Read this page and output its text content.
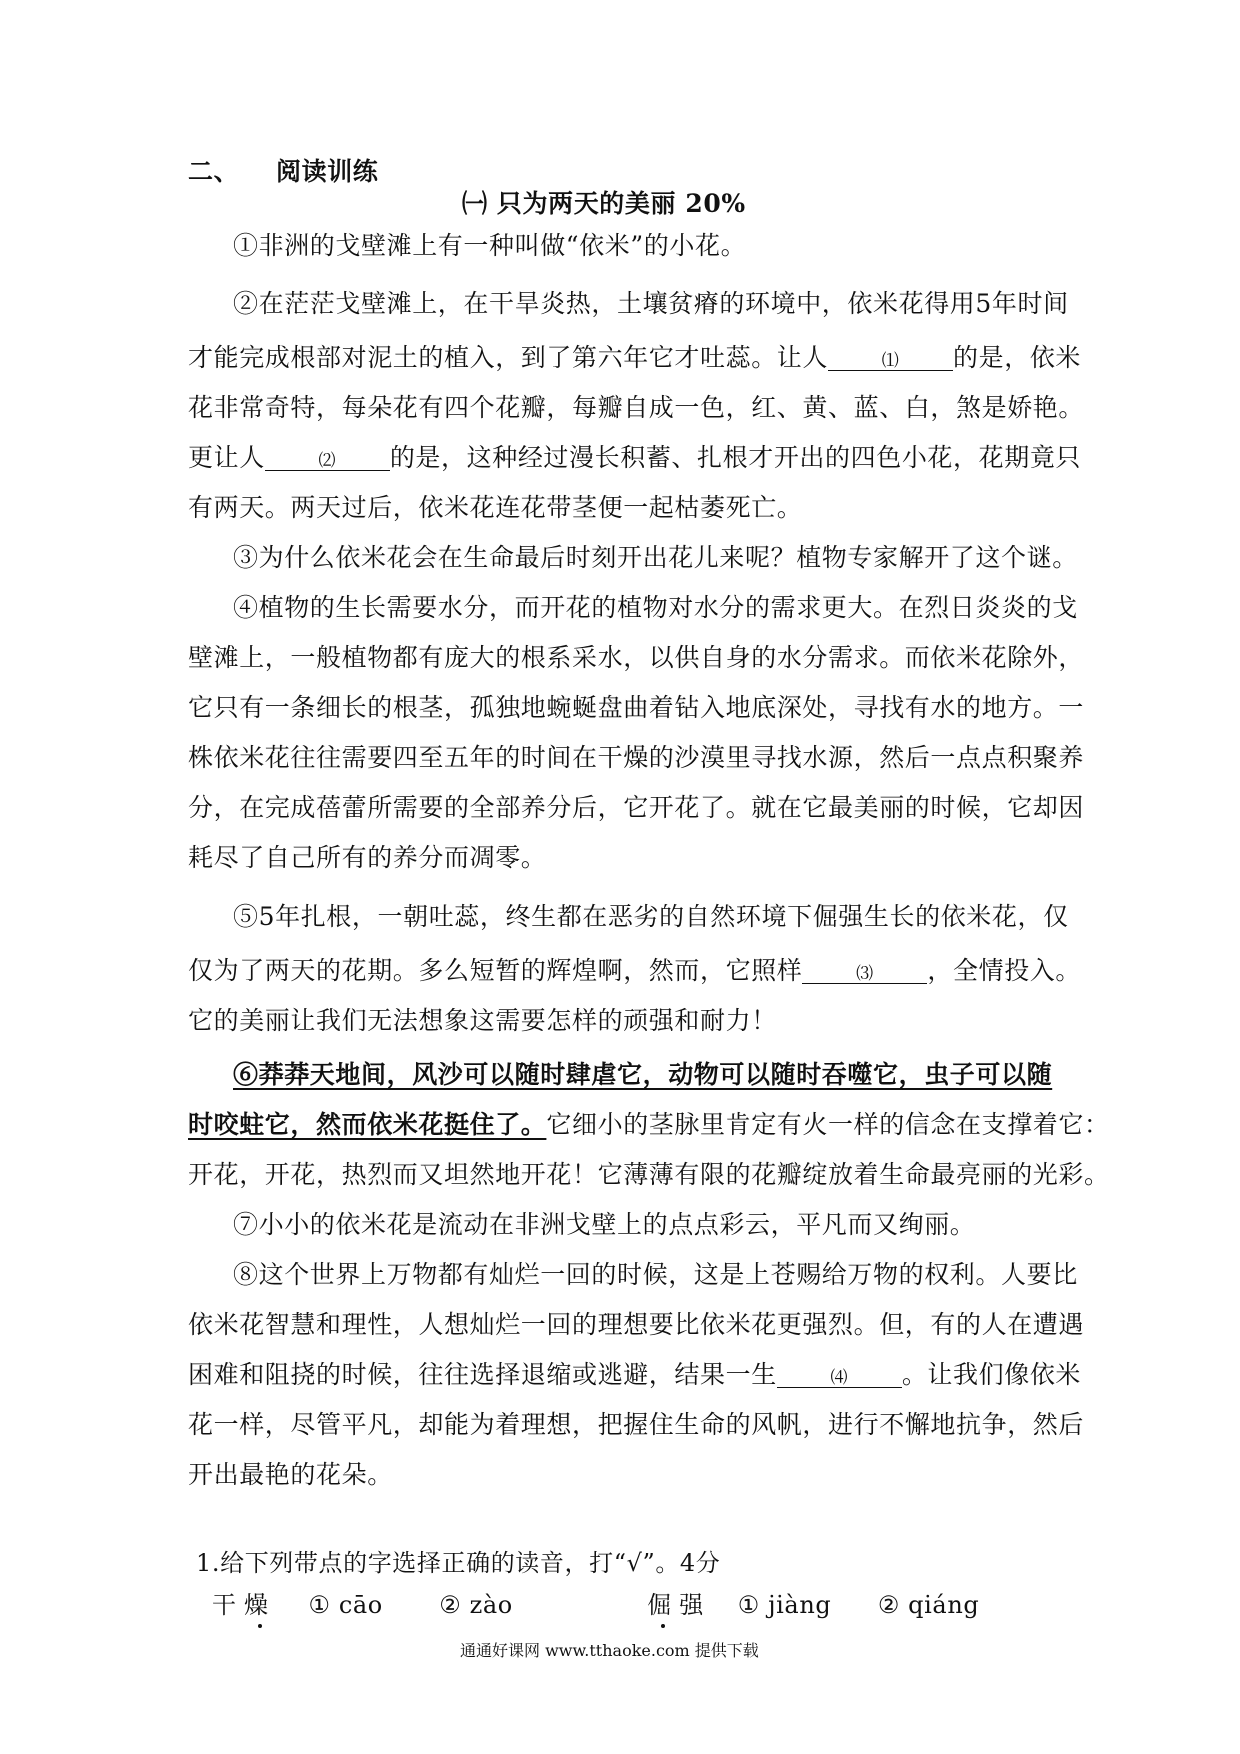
二、 阅读训练
㈠ 只为两天的美丽 20%
①非洲的戈壁滩上有一种叫做“依米”的小花。
②在茫茫戈壁滩上，在干旱炎热，土壤贫瘠的环境中，依米花得用5年时间
才能完成根部对泥土的植入，到了第六年它才吐蕊。让人	⑴ 的是，依米
花非常奇特，每朵花有四个花瓣，每瓣自成一色，红、黄、蓝、白，煞是娇艳。
更让人	⑵ 的是，这种经过漫长积蓄、扎根才开出的四色小花，花期竟只
有两天。两天过后，依米花连花带茎便一起枯萎死亡。
③为什么依米花会在生命最后时刻开出花儿来呢？植物专家解开了这个谜。
④植物的生长需要水分，而开花的植物对水分的需求更大。在烈日炎炎的戈
壁滩上，一般植物都有庞大的根系采水，以供自身的水分需求。而依米花除外，
它只有一条细长的根茎，孤独地蜿蜒盘曲着钻入地底深处，寻找有水的地方。一
株依米花往往需要四至五年的时间在干燥的沙漠里寻找水源，然后一点点积聚养
分，在完成蓓蕾所需要的全部养分后，它开花了。就在它最美丽的时候，它却因
耗尽了自己所有的养分而凋零。
⑤5年扎根，一朝吐蕊，终生都在恶劣的自然环境下倔强生长的依米花，仅
仅为了两天的花期。多么短暂的辉煌啊，然而，它照样	⑶ ，全情投入。
它的美丽让我们无法想象这需要怎样的顽强和耐力！
⑥莽莽天地间，风沙可以随时肆虐它，动物可以随时吞噬它，虫子可以随
时咬蛀它，然而依米花挺住了。它细小的茎脉里肯定有火一样的信念在支撑着它：
开花，开花，热烈而又坦然地开花！它薄薄有限的花瓣绽放着生命最亮丽的光彩。
⑦小小的依米花是流动在非洲戈壁上的点点彩云，平凡而又绚丽。
⑧这个世界上万物都有灿烂一回的时候，这是上苍赐给万物的权利。人要比
依米花智慧和理性，人想灿烂一回的理想要比依米花更强烈。但，有的人在遭遇
困难和阻挠的时候，往往选择退缩或逃避，结果一生	⑷ 。让我们像依米
花一样，尽管平凡，却能为着理想，把握住生命的风帆，进行不懈地抗争，然后
开出最艳的花朵。
1.给下列带点的字选择正确的读音，打“√”。4分
干燥 ① cāo ② zào	倔强 ① jiàng ② qiáng
通通好课网 www.tthaoke.com 提供下载
